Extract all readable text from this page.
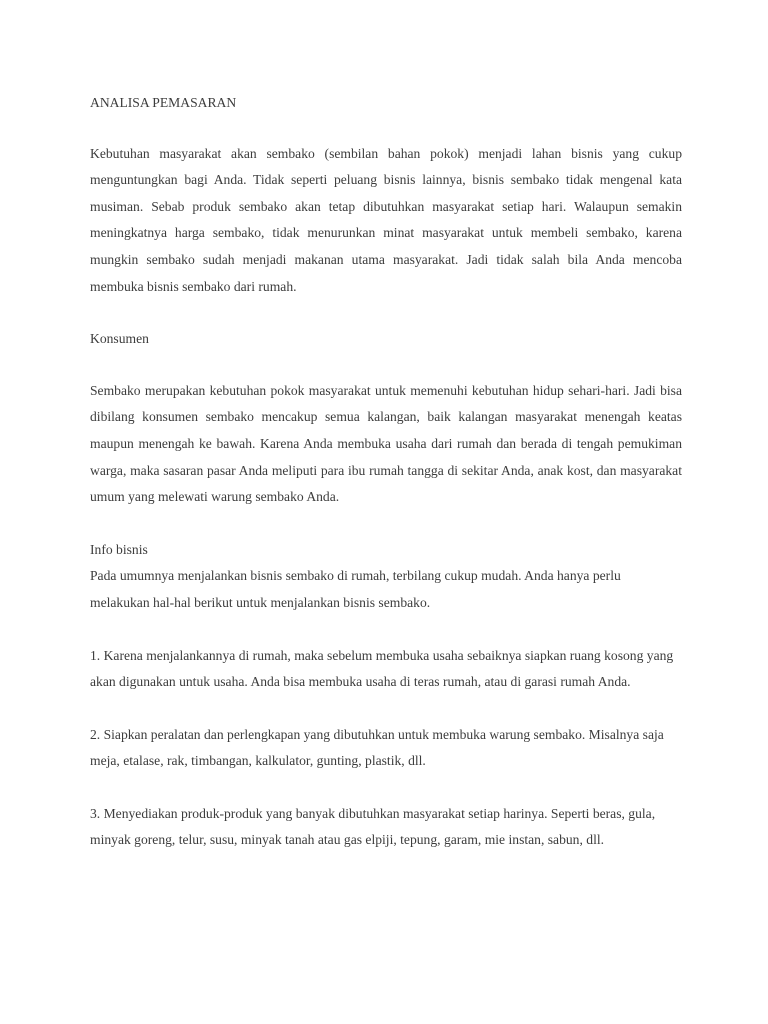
ANALISA PEMASARAN

Kebutuhan masyarakat akan sembako (sembilan bahan pokok) menjadi lahan bisnis yang cukup menguntungkan bagi Anda. Tidak seperti peluang bisnis lainnya, bisnis sembako tidak mengenal kata musiman. Sebab produk sembako akan tetap dibutuhkan masyarakat setiap hari. Walaupun semakin meningkatnya harga sembako, tidak menurunkan minat masyarakat untuk membeli sembako, karena mungkin sembako sudah menjadi makanan utama masyarakat. Jadi tidak salah bila Anda mencoba membuka bisnis sembako dari rumah.

Konsumen

Sembako merupakan kebutuhan pokok masyarakat untuk memenuhi kebutuhan hidup sehari-hari. Jadi bisa dibilang konsumen sembako mencakup semua kalangan, baik kalangan masyarakat menengah keatas maupun menengah ke bawah. Karena Anda membuka usaha dari rumah dan berada di tengah pemukiman warga, maka sasaran pasar Anda meliputi para ibu rumah tangga di sekitar Anda, anak kost, dan masyarakat umum yang melewati warung sembako Anda.

Info bisnis

Pada umumnya menjalankan bisnis sembako di rumah, terbilang cukup mudah. Anda hanya perlu melakukan hal-hal berikut untuk menjalankan bisnis sembako.

1. Karena menjalankannya di rumah, maka sebelum membuka usaha sebaiknya siapkan ruang kosong yang akan digunakan untuk usaha. Anda bisa membuka usaha di teras rumah, atau di garasi rumah Anda.

2. Siapkan peralatan dan perlengkapan yang dibutuhkan untuk membuka warung sembako. Misalnya saja meja, etalase, rak, timbangan, kalkulator, gunting, plastik, dll.

3. Menyediakan produk-produk yang banyak dibutuhkan masyarakat setiap harinya. Seperti beras, gula, minyak goreng, telur, susu, minyak tanah atau gas elpiji, tepung, garam, mie instan, sabun, dll.
